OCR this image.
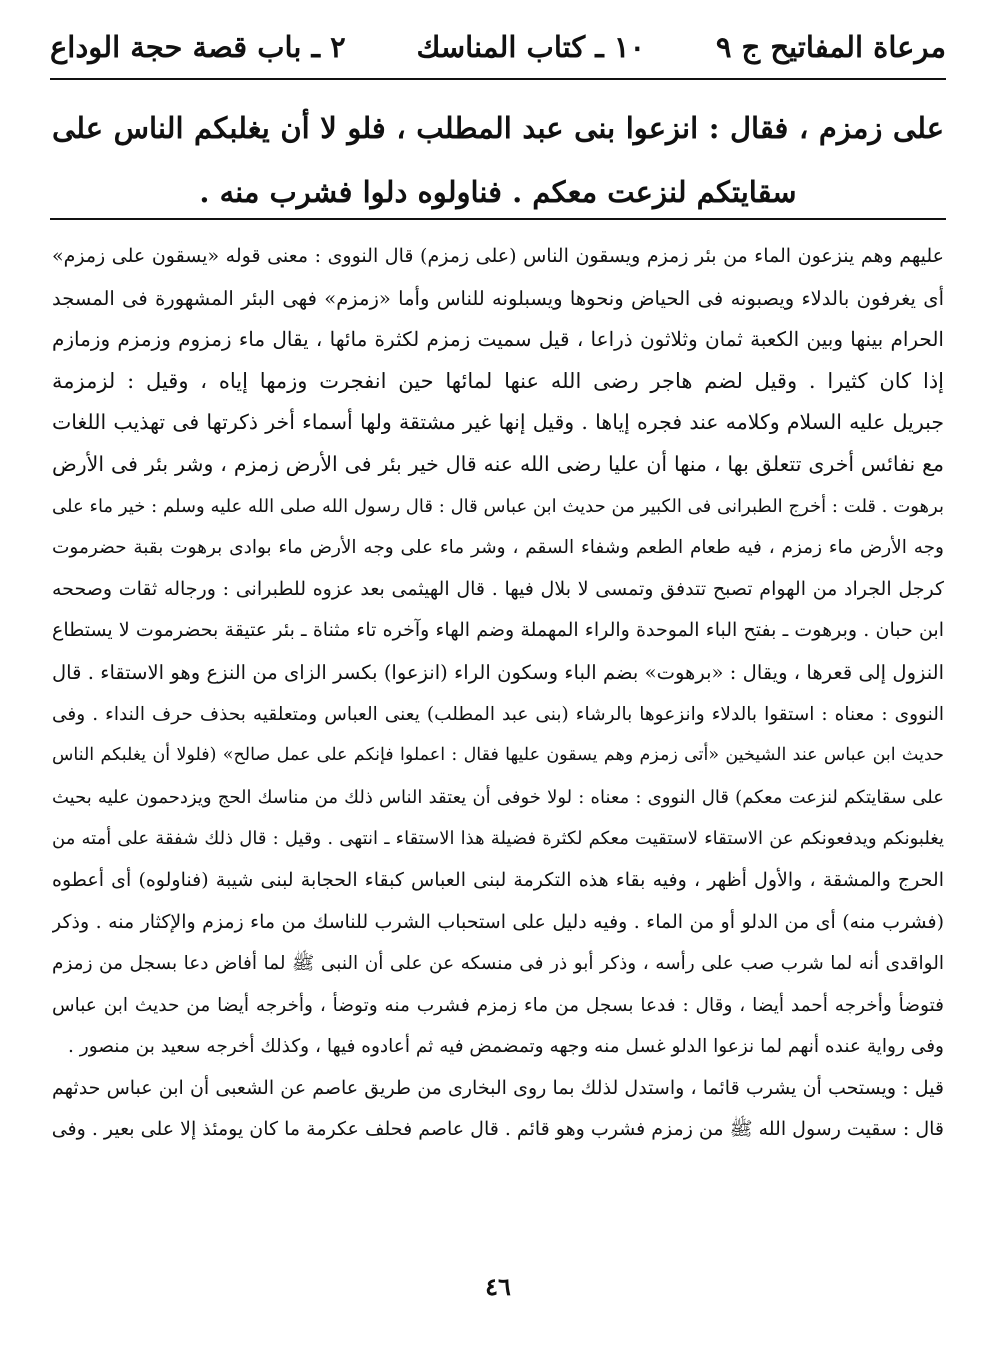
مرعاة المفاتيح ج ٩
١٠ ـ كتاب المناسك
٢ ـ باب قصة حجة الوداع

على زمزم ، فقال : انزعوا بنى عبد المطلب ، فلو لا أن يغلبكم الناس على سقايتكم لنزعت معكم . فناولوه دلوا فشرب منه .

عليهم وهم ينزعون الماء من بئر زمزم ويسقون الناس (على زمزم) قال النووى : معنى قوله «يسقون على زمزم»
أى يغرفون بالدلاء ويصبونه فى الحياض ونحوها ويسبلونه للناس وأما «زمزم» فهى البئر المشهورة فى المسجد
الحرام بينها وبين الكعبة ثمان وثلاثون ذراعا ، قيل سميت زمزم لكثرة مائها ، يقال ماء زمزوم وزمزم وزمازم
إذا كان كثيرا . وقيل لضم هاجر رضى الله عنها لمائها حين انفجرت وزمها إياه ، وقيل : لزمزمة
جبريل عليه السلام وكلامه عند فجره إياها . وقيل إنها غير مشتقة ولها أسماء أخر ذكرتها فى تهذيب اللغات
مع نفائس أخرى تتعلق بها ، منها أن عليا رضى الله عنه قال خير بئر فى الأرض زمزم ، وشر بئر فى الأرض
برهوت . قلت : أخرج الطبرانى فى الكبير من حديث ابن عباس قال : قال رسول الله صلى الله عليه وسلم : خير ماء على
وجه الأرض ماء زمزم ، فيه طعام الطعم وشفاء السقم ، وشر ماء على وجه الأرض ماء بوادى برهوت بقبة حضرموت
كرجل الجراد من الهوام تصبح تتدفق وتمسى لا بلال فيها . قال الهيثمى بعد عزوه للطبرانى : ورجاله ثقات وصححه
ابن حبان . وبرهوت ـ بفتح الباء الموحدة والراء المهملة وضم الهاء وآخره تاء مثناة ـ بئر عتيقة بحضرموت لا يستطاع
النزول إلى قعرها ، ويقال : «برهوت» بضم الباء وسكون الراء (انزعوا) بكسر الزاى من النزع وهو الاستقاء . قال
النووى : معناه : استقوا بالدلاء وانزعوها بالرشاء (بنى عبد المطلب) يعنى العباس ومتعلقيه بحذف حرف النداء . وفى
حديث ابن عباس عند الشيخين «أتى زمزم وهم يسقون عليها فقال : اعملوا فإنكم على عمل صالح» (فلولا أن يغلبكم الناس
على سقايتكم لنزعت معكم) قال النووى : معناه : لولا خوفى أن يعتقد الناس ذلك من مناسك الحج ويزدحمون عليه بحيث
يغلبونكم ويدفعونكم عن الاستقاء لاستقيت معكم لكثرة فضيلة هذا الاستقاء ـ انتهى . وقيل : قال ذلك شفقة على أمته من
الحرج والمشقة ، والأول أظهر ، وفيه بقاء هذه التكرمة لبنى العباس كبقاء الحجابة لبنى شيبة (فناولوه) أى أعطوه
(فشرب منه) أى من الدلو أو من الماء . وفيه دليل على استحباب الشرب للناسك من ماء زمزم والإكثار منه . وذكر
الواقدى أنه لما شرب صب على رأسه ، وذكر أبو ذر فى منسكه عن على أن النبى ﷺ لما أفاض دعا بسجل من زمزم
فتوضأ وأخرجه أحمد أيضا ، وقال : فدعا بسجل من ماء زمزم فشرب منه وتوضأ ، وأخرجه أيضا من حديث ابن عباس
وفى رواية عنده أنهم لما نزعوا الدلو غسل منه وجهه وتمضمض فيه ثم أعادوه فيها ، وكذلك أخرجه سعيد بن منصور .
قيل : ويستحب أن يشرب قائما ، واستدل لذلك بما روى البخارى من طريق عاصم عن الشعبى أن ابن عباس حدثهم
قال : سقيت رسول الله ﷺ من زمزم فشرب وهو قائم . قال عاصم فحلف عكرمة ما كان يومئذ إلا على بعير . وفى
٤٦
